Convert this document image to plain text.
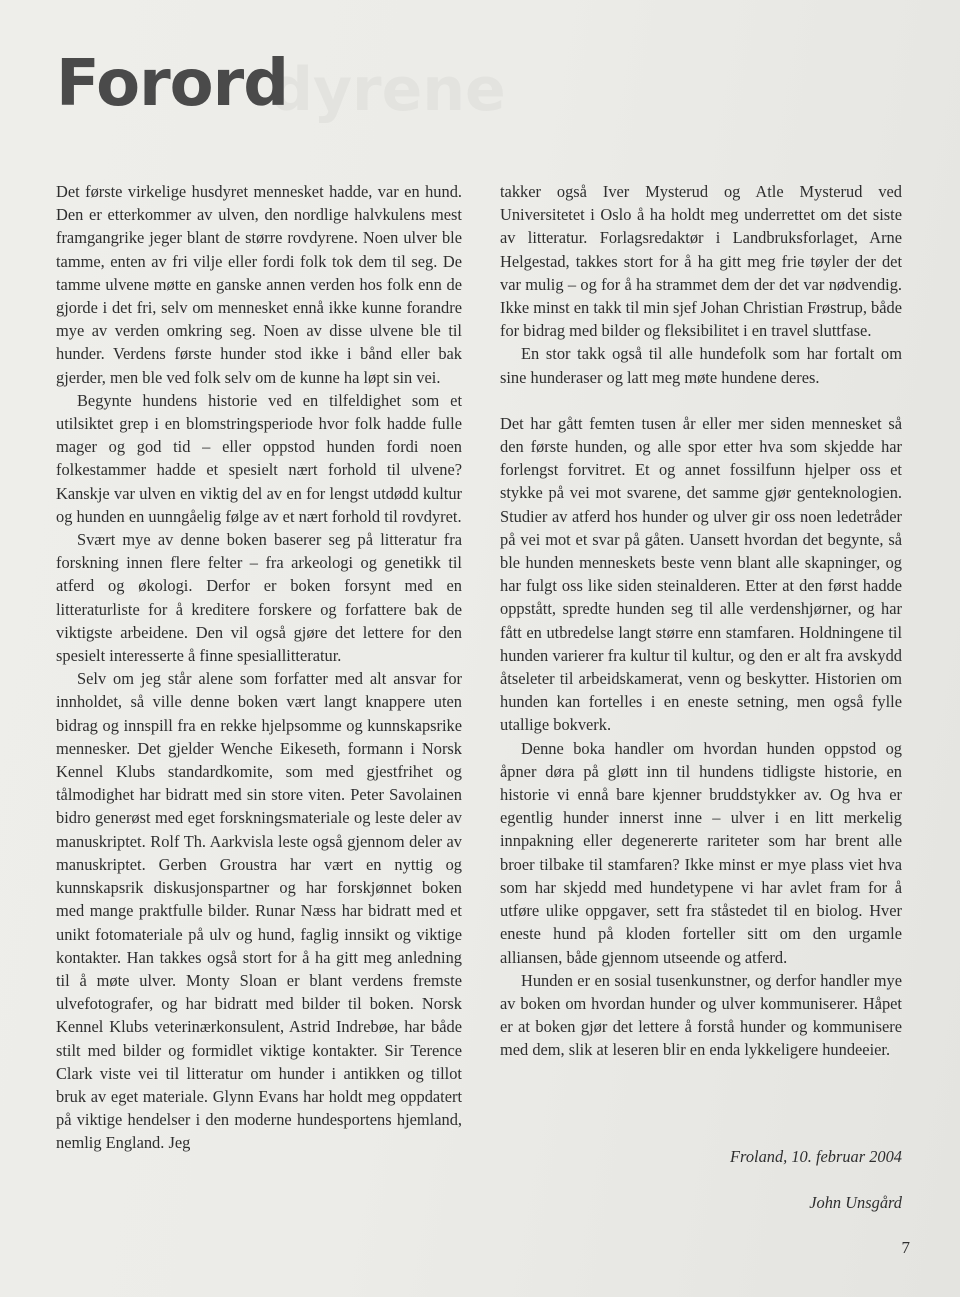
dyrene
Forord

Det første virkelige husdyret mennesket hadde, var en hund. Den er etterkommer av ulven, den nordlige halvkulens mest framgangrike jeger blant de større rovdyrene. Noen ulver ble tamme, enten av fri vilje eller fordi folk tok dem til seg. De tamme ulvene møtte en ganske annen verden hos folk enn de gjorde i det fri, selv om mennesket ennå ikke kunne forandre mye av verden omkring seg. Noen av disse ulvene ble til hunder. Verdens første hunder stod ikke i bånd eller bak gjerder, men ble ved folk selv om de kunne ha løpt sin vei.

Begynte hundens historie ved en tilfeldighet som et utilsiktet grep i en blomstringsperiode hvor folk hadde fulle mager og god tid – eller oppstod hunden fordi noen folkestammer hadde et spesielt nært forhold til ulvene? Kanskje var ulven en viktig del av en for lengst utdødd kultur og hunden en uunngåelig følge av et nært forhold til rovdyret.

Svært mye av denne boken baserer seg på litteratur fra forskning innen flere felter – fra arkeologi og genetikk til atferd og økologi. Derfor er boken forsynt med en litteraturliste for å kreditere forskere og forfattere bak de viktigste arbeidene. Den vil også gjøre det lettere for den spesielt interesserte å finne spesiallitteratur.

Selv om jeg står alene som forfatter med alt ansvar for innholdet, så ville denne boken vært langt knappere uten bidrag og innspill fra en rekke hjelpsomme og kunnskapsrike mennesker. Det gjelder Wenche Eikeseth, formann i Norsk Kennel Klubs standardkomite, som med gjestfrihet og tålmodighet har bidratt med sin store viten. Peter Savolainen bidro generøst med eget forskningsmateriale og leste deler av manuskriptet. Rolf Th. Aarkvisla leste også gjennom deler av manuskriptet. Gerben Groustra har vært en nyttig og kunnskapsrik diskusjonspartner og har forskjønnet boken med mange praktfulle bilder. Runar Næss har bidratt med et unikt fotomateriale på ulv og hund, faglig innsikt og viktige kontakter. Han takkes også stort for å ha gitt meg anledning til å møte ulver. Monty Sloan er blant verdens fremste ulvefotografer, og har bidratt med bilder til boken. Norsk Kennel Klubs veterinærkonsulent, Astrid Indrebøe, har både stilt med bilder og formidlet viktige kontakter. Sir Terence Clark viste vei til litteratur om hunder i antikken og tillot bruk av eget materiale. Glynn Evans har holdt meg oppdatert på viktige hendelser i den moderne hundesportens hjemland, nemlig England. Jeg

takker også Iver Mysterud og Atle Mysterud ved Universitetet i Oslo å ha holdt meg underrettet om det siste av litteratur. Forlagsredaktør i Landbruksforlaget, Arne Helgestad, takkes stort for å ha gitt meg frie tøyler der det var mulig – og for å ha strammet dem der det var nødvendig. Ikke minst en takk til min sjef Johan Christian Frøstrup, både for bidrag med bilder og fleksibilitet i en travel sluttfase.

En stor takk også til alle hundefolk som har fortalt om sine hunderaser og latt meg møte hundene deres.

Det har gått femten tusen år eller mer siden mennesket så den første hunden, og alle spor etter hva som skjedde har forlengst forvitret. Et og annet fossilfunn hjelper oss et stykke på vei mot svarene, det samme gjør genteknologien. Studier av atferd hos hunder og ulver gir oss noen ledetråder på vei mot et svar på gåten. Uansett hvordan det begynte, så ble hunden menneskets beste venn blant alle skapninger, og har fulgt oss like siden steinalderen. Etter at den først hadde oppstått, spredte hunden seg til alle verdenshjørner, og har fått en utbredelse langt større enn stamfaren. Holdningene til hunden varierer fra kultur til kultur, og den er alt fra avskydd åtseleter til arbeidskamerat, venn og beskytter. Historien om hunden kan fortelles i en eneste setning, men også fylle utallige bokverk.

Denne boka handler om hvordan hunden oppstod og åpner døra på gløtt inn til hundens tidligste historie, en historie vi ennå bare kjenner bruddstykker av. Og hva er egentlig hunder innerst inne – ulver i en litt merkelig innpakning eller degenererte rariteter som har brent alle broer tilbake til stamfaren? Ikke minst er mye plass viet hva som har skjedd med hundetypene vi har avlet fram for å utføre ulike oppgaver, sett fra ståstedet til en biolog. Hver eneste hund på kloden forteller sitt om den urgamle alliansen, både gjennom utseende og atferd.

Hunden er en sosial tusenkunstner, og derfor handler mye av boken om hvordan hunder og ulver kommuniserer. Håpet er at boken gjør det lettere å forstå hunder og kommunisere med dem, slik at leseren blir en enda lykkeligere hundeeier.

Froland, 10. februar 2004
John Unsgård
7
